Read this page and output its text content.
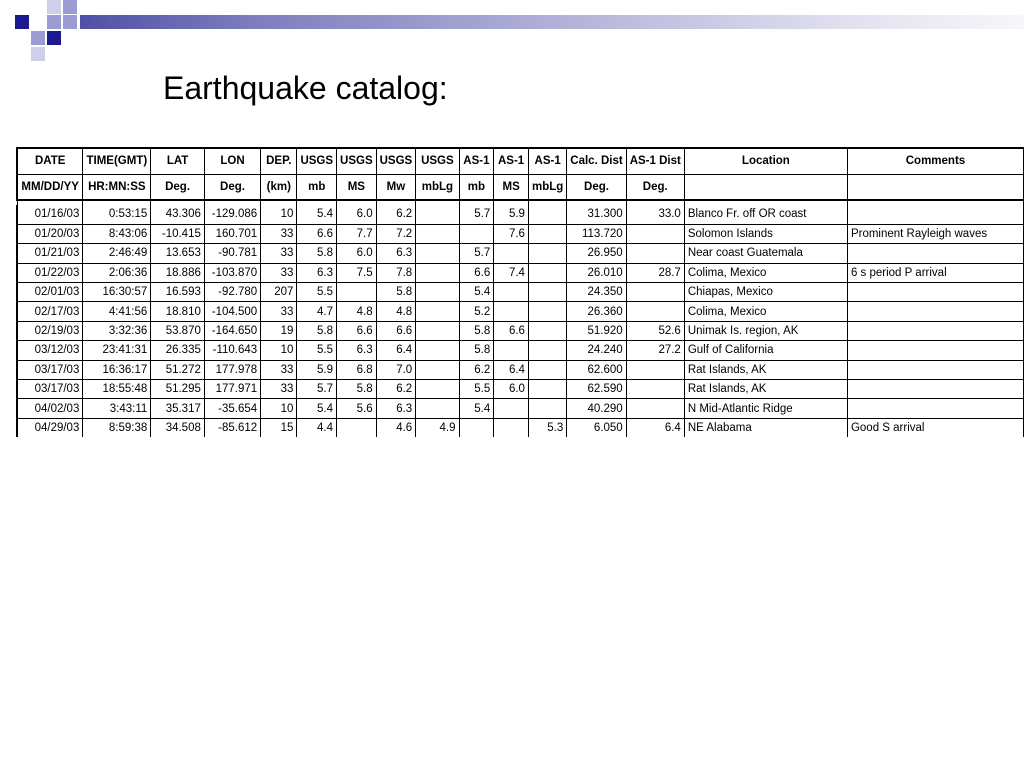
Earthquake catalog:
DATE	TIME(GMT)	LAT	LON	DEP.	USGS	USGS	USGS	USGS	AS-1	AS-1	AS-1	Calc. Dist	AS-1 Dist	Location	Comments
MM/DD/YY	HR:MN:SS	Deg.	Deg.	(km)	mb	MS	Mw	mbLg	mb	MS	mbLg	Deg.	Deg.		

01/16/03	0:53:15	43.306	-129.086	10	5.4	6.0	6.2		5.7	5.9		31.300	33.0	Blanco Fr. off OR coast	
01/20/03	8:43:06	-10.415	160.701	33	6.6	7.7	7.2			7.6		113.720		Solomon Islands	Prominent Rayleigh waves
01/21/03	2:46:49	13.653	-90.781	33	5.8	6.0	6.3		5.7			26.950		Near coast Guatemala	
01/22/03	2:06:36	18.886	-103.870	33	6.3	7.5	7.8		6.6	7.4		26.010	28.7	Colima, Mexico	6 s period P arrival
02/01/03	16:30:57	16.593	-92.780	207	5.5		5.8		5.4			24.350		Chiapas, Mexico	
02/17/03	4:41:56	18.810	-104.500	33	4.7	4.8	4.8		5.2			26.360		Colima, Mexico	
02/19/03	3:32:36	53.870	-164.650	19	5.8	6.6	6.6		5.8	6.6		51.920	52.6	Unimak Is. region, AK	
03/12/03	23:41:31	26.335	-110.643	10	5.5	6.3	6.4		5.8			24.240	27.2	Gulf of California	
03/17/03	16:36:17	51.272	177.978	33	5.9	6.8	7.0		6.2	6.4		62.600		Rat Islands, AK	
03/17/03	18:55:48	51.295	177.971	33	5.7	5.8	6.2		5.5	6.0		62.590		Rat Islands, AK	
04/02/03	3:43:11	35.317	-35.654	10	5.4	5.6	6.3		5.4			40.290		N Mid-Atlantic Ridge	
04/29/03	8:59:38	34.508	-85.612	15	4.4		4.6	4.9			5.3	6.050	6.4	NE Alabama	Good S arrival
